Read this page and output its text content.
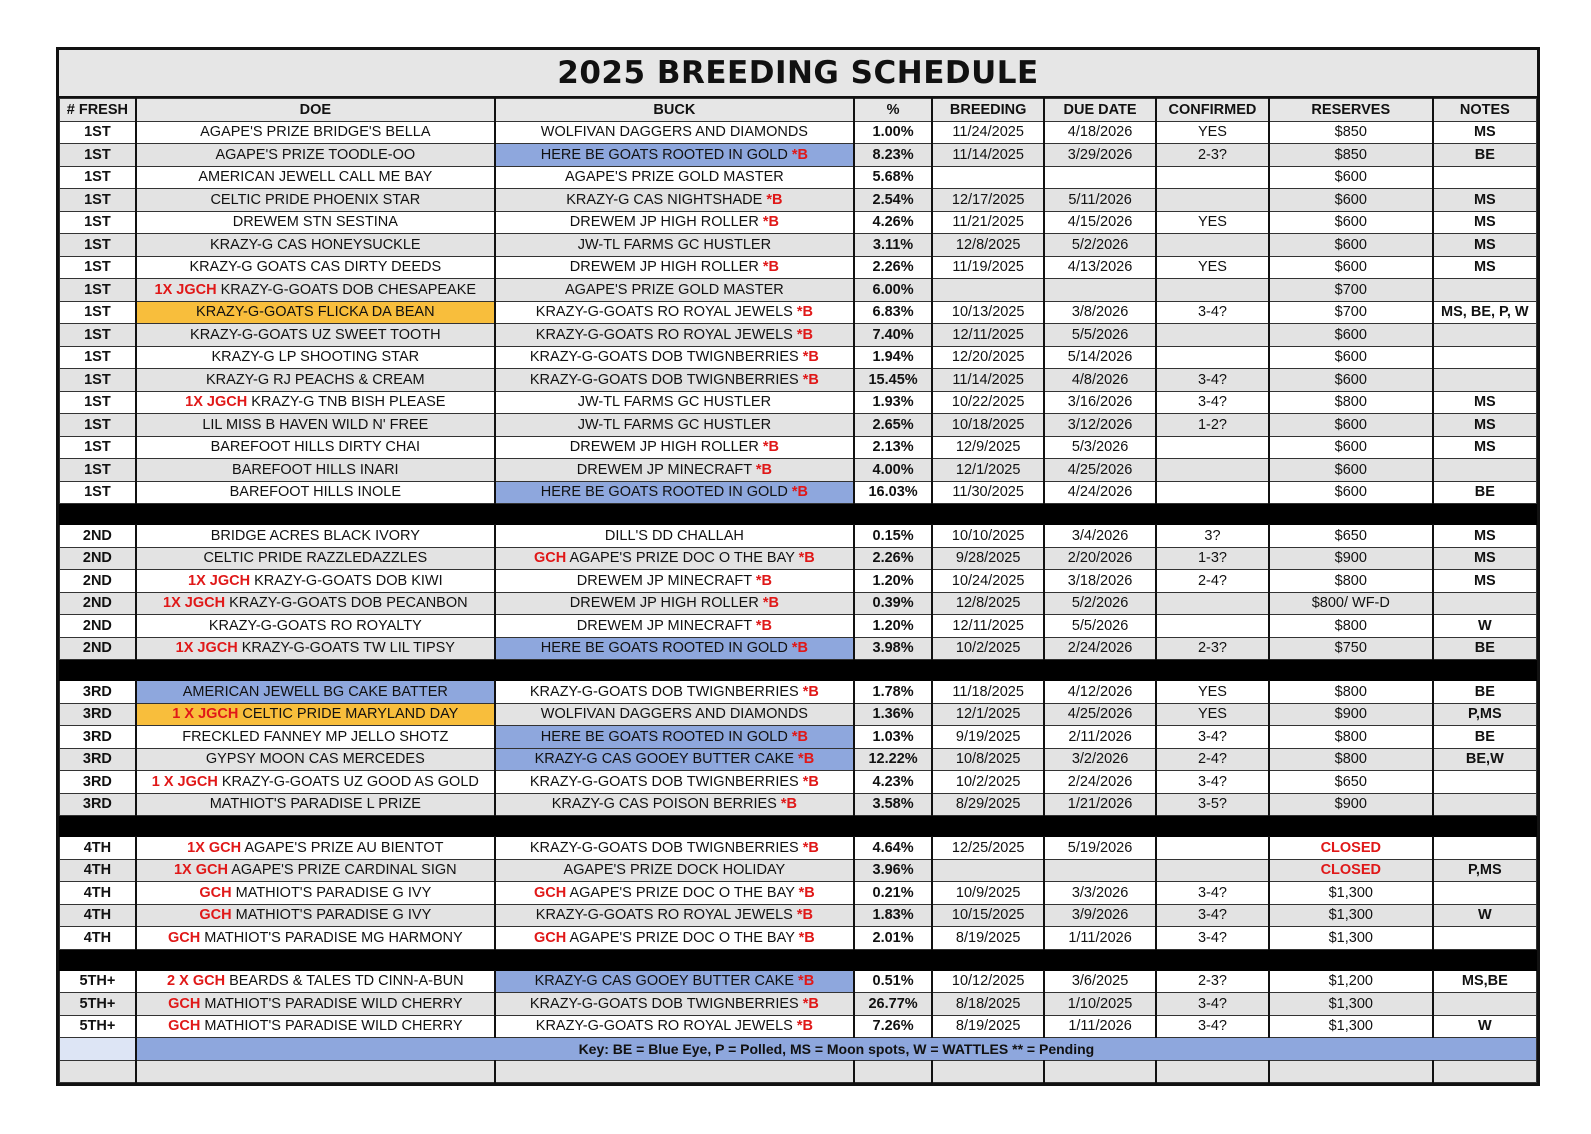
2025 BREEDING SCHEDULE
# FRESH	DOE	BUCK	%	BREEDING	DUE DATE	CONFIRMED	RESERVES	NOTES
1ST	AGAPE'S PRIZE BRIDGE'S BELLA	WOLFIVAN DAGGERS AND DIAMONDS	1.00%	11/24/2025	4/18/2026	YES	$850	MS
1ST	AGAPE'S PRIZE TOODLE-OO	HERE BE GOATS ROOTED IN GOLD *B	8.23%	11/14/2025	3/29/2026	2-3?	$850	BE
1ST	AMERICAN JEWELL CALL ME BAY	AGAPE'S PRIZE GOLD MASTER	5.68%				$600	
1ST	CELTIC PRIDE PHOENIX STAR	KRAZY-G CAS NIGHTSHADE *B	2.54%	12/17/2025	5/11/2026		$600	MS
1ST	DREWEM STN SESTINA	DREWEM JP HIGH ROLLER *B	4.26%	11/21/2025	4/15/2026	YES	$600	MS
1ST	KRAZY-G CAS HONEYSUCKLE	JW-TL FARMS GC HUSTLER	3.11%	12/8/2025	5/2/2026		$600	MS
1ST	KRAZY-G GOATS CAS DIRTY DEEDS	DREWEM JP HIGH ROLLER *B	2.26%	11/19/2025	4/13/2026	YES	$600	MS
1ST	1X JGCH KRAZY-G-GOATS DOB CHESAPEAKE	AGAPE'S PRIZE GOLD MASTER	6.00%				$700	
1ST	KRAZY-G-GOATS FLICKA DA BEAN	KRAZY-G-GOATS RO ROYAL JEWELS *B	6.83%	10/13/2025	3/8/2026	3-4?	$700	MS, BE, P, W
1ST	KRAZY-G-GOATS UZ SWEET TOOTH	KRAZY-G-GOATS RO ROYAL JEWELS *B	7.40%	12/11/2025	5/5/2026		$600	
1ST	KRAZY-G LP SHOOTING STAR	KRAZY-G-GOATS DOB TWIGNBERRIES *B	1.94%	12/20/2025	5/14/2026		$600	
1ST	KRAZY-G RJ PEACHS & CREAM	KRAZY-G-GOATS DOB TWIGNBERRIES *B	15.45%	11/14/2025	4/8/2026	3-4?	$600	
1ST	1X JGCH KRAZY-G TNB BISH PLEASE	JW-TL FARMS GC HUSTLER	1.93%	10/22/2025	3/16/2026	3-4?	$800	MS
1ST	LIL MISS B HAVEN WILD N' FREE	JW-TL FARMS GC HUSTLER	2.65%	10/18/2025	3/12/2026	1-2?	$600	MS
1ST	BAREFOOT HILLS DIRTY CHAI	DREWEM JP HIGH ROLLER *B	2.13%	12/9/2025	5/3/2026		$600	MS
1ST	BAREFOOT HILLS INARI	DREWEM JP MINECRAFT *B	4.00%	12/1/2025	4/25/2026		$600	
1ST	BAREFOOT HILLS INOLE	HERE BE GOATS ROOTED IN GOLD *B	16.03%	11/30/2025	4/24/2026		$600	BE

2ND	BRIDGE ACRES BLACK IVORY	DILL'S DD CHALLAH	0.15%	10/10/2025	3/4/2026	3?	$650	MS
2ND	CELTIC PRIDE RAZZLEDAZZLES	GCH AGAPE'S PRIZE DOC O THE BAY *B	2.26%	9/28/2025	2/20/2026	1-3?	$900	MS
2ND	1X JGCH KRAZY-G-GOATS DOB KIWI	DREWEM JP MINECRAFT *B	1.20%	10/24/2025	3/18/2026	2-4?	$800	MS
2ND	1X JGCH KRAZY-G-GOATS DOB PECANBON	DREWEM JP HIGH ROLLER *B	0.39%	12/8/2025	5/2/2026		$800/ WF-D	
2ND	KRAZY-G-GOATS RO ROYALTY	DREWEM JP MINECRAFT *B	1.20%	12/11/2025	5/5/2026		$800	W
2ND	1X JGCH KRAZY-G-GOATS TW LIL TIPSY	HERE BE GOATS ROOTED IN GOLD *B	3.98%	10/2/2025	2/24/2026	2-3?	$750	BE

3RD	AMERICAN JEWELL BG CAKE BATTER	KRAZY-G-GOATS DOB TWIGNBERRIES *B	1.78%	11/18/2025	4/12/2026	YES	$800	BE
3RD	1 X JGCH CELTIC PRIDE MARYLAND DAY	WOLFIVAN DAGGERS AND DIAMONDS	1.36%	12/1/2025	4/25/2026	YES	$900	P,MS
3RD	FRECKLED FANNEY MP JELLO SHOTZ	HERE BE GOATS ROOTED IN GOLD *B	1.03%	9/19/2025	2/11/2026	3-4?	$800	BE
3RD	GYPSY MOON CAS MERCEDES	KRAZY-G CAS GOOEY BUTTER CAKE *B	12.22%	10/8/2025	3/2/2026	2-4?	$800	BE,W
3RD	1 X JGCH KRAZY-G-GOATS UZ GOOD AS GOLD	KRAZY-G-GOATS DOB TWIGNBERRIES *B	4.23%	10/2/2025	2/24/2026	3-4?	$650	
3RD	MATHIOT'S PARADISE L PRIZE	KRAZY-G CAS POISON BERRIES *B	3.58%	8/29/2025	1/21/2026	3-5?	$900	

4TH	1X GCH AGAPE'S PRIZE AU BIENTOT	KRAZY-G-GOATS DOB TWIGNBERRIES *B	4.64%	12/25/2025	5/19/2026		CLOSED	
4TH	1X GCH AGAPE'S PRIZE CARDINAL SIGN	AGAPE'S PRIZE DOCK HOLIDAY	3.96%				CLOSED	P,MS
4TH	GCH MATHIOT'S PARADISE G IVY	GCH AGAPE'S PRIZE DOC O THE BAY *B	0.21%	10/9/2025	3/3/2026	3-4?	$1,300	
4TH	GCH MATHIOT'S PARADISE G IVY	KRAZY-G-GOATS RO ROYAL JEWELS *B	1.83%	10/15/2025	3/9/2026	3-4?	$1,300	W
4TH	GCH MATHIOT'S PARADISE MG HARMONY	GCH AGAPE'S PRIZE DOC O THE BAY *B	2.01%	8/19/2025	1/11/2026	3-4?	$1,300	

5TH+	2 X GCH BEARDS & TALES TD CINN-A-BUN	KRAZY-G CAS GOOEY BUTTER CAKE *B	0.51%	10/12/2025	3/6/2025	2-3?	$1,200	MS,BE
5TH+	GCH MATHIOT'S PARADISE WILD CHERRY	KRAZY-G-GOATS DOB TWIGNBERRIES *B	26.77%	8/18/2025	1/10/2025	3-4?	$1,300	
5TH+	GCH MATHIOT'S PARADISE WILD CHERRY	KRAZY-G-GOATS RO ROYAL JEWELS *B	7.26%	8/19/2025	1/11/2026	3-4?	$1,300	W
	Key: BE = Blue Eye, P = Polled, MS = Moon spots, W = WATTLES ** = Pending							
